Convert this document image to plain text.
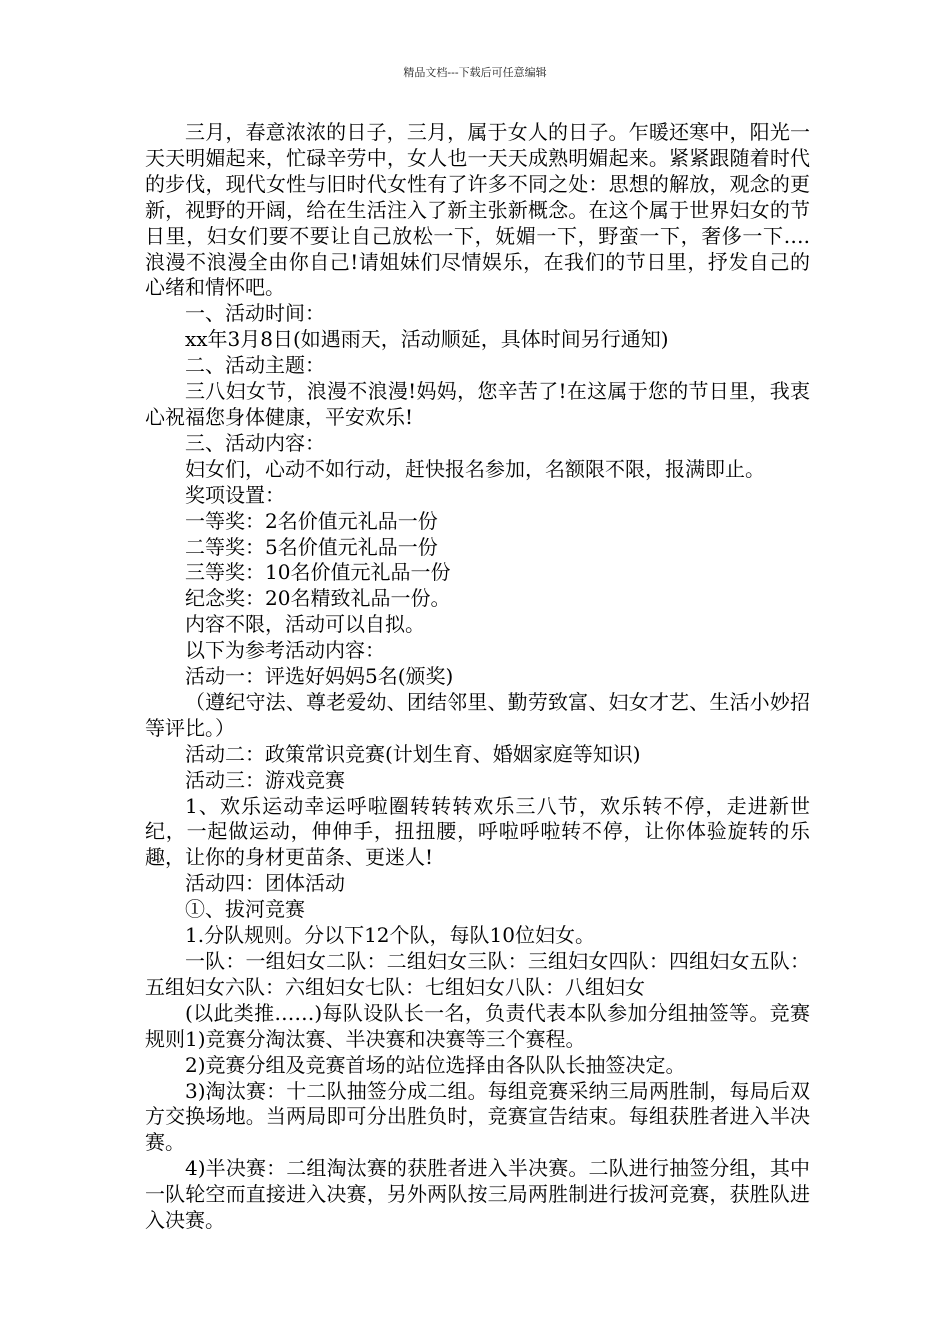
精品文档---下载后可任意编辑

三月，春意浓浓的日子，三月，属于女人的日子。乍暖还寒中，阳光一天天明媚起来，忙碌辛劳中，女人也一天天成熟明媚起来。紧紧跟随着时代的步伐，现代女性与旧时代女性有了许多不同之处：思想的解放，观念的更新，视野的开阔，给在生活注入了新主张新概念。在这个属于世界妇女的节日里，妇女们要不要让自己放松一下，妩媚一下，野蛮一下，奢侈一下….浪漫不浪漫全由你自己!请姐妹们尽情娱乐，在我们的节日里，抒发自己的心绪和情怀吧。

一、活动时间：

xx年3月8日(如遇雨天，活动顺延，具体时间另行通知)

二、活动主题：

三八妇女节，浪漫不浪漫!妈妈，您辛苦了!在这属于您的节日里，我衷心祝福您身体健康，平安欢乐!

三、活动内容：

妇女们，心动不如行动，赶快报名参加，名额限不限，报满即止。

奖项设置：

一等奖：2名价值元礼品一份

二等奖：5名价值元礼品一份

三等奖：10名价值元礼品一份

纪念奖：20名精致礼品一份。

内容不限，活动可以自拟。

以下为参考活动内容：

活动一：评选好妈妈5名(颁奖)

（遵纪守法、尊老爱幼、团结邻里、勤劳致富、妇女才艺、生活小妙招等评比。）

活动二：政策常识竞赛(计划生育、婚姻家庭等知识)

活动三：游戏竞赛

1、欢乐运动幸运呼啦圈转转转欢乐三八节，欢乐转不停，走进新世纪，一起做运动，伸伸手，扭扭腰，呼啦呼啦转不停，让你体验旋转的乐趣，让你的身材更苗条、更迷人!

活动四：团体活动

①、拔河竞赛

1.分队规则。分以下12个队，每队10位妇女。

一队：一组妇女二队：二组妇女三队：三组妇女四队：四组妇女五队：五组妇女六队：六组妇女七队：七组妇女八队：八组妇女

(以此类推……)每队设队长一名，负责代表本队参加分组抽签等。竞赛规则1)竞赛分淘汰赛、半决赛和决赛等三个赛程。

2)竞赛分组及竞赛首场的站位选择由各队队长抽签决定。

3)淘汰赛：十二队抽签分成二组。每组竞赛采纳三局两胜制，每局后双方交换场地。当两局即可分出胜负时，竞赛宣告结束。每组获胜者进入半决赛。

4)半决赛：二组淘汰赛的获胜者进入半决赛。二队进行抽签分组，其中一队轮空而直接进入决赛，另外两队按三局两胜制进行拔河竞赛，获胜队进入决赛。
